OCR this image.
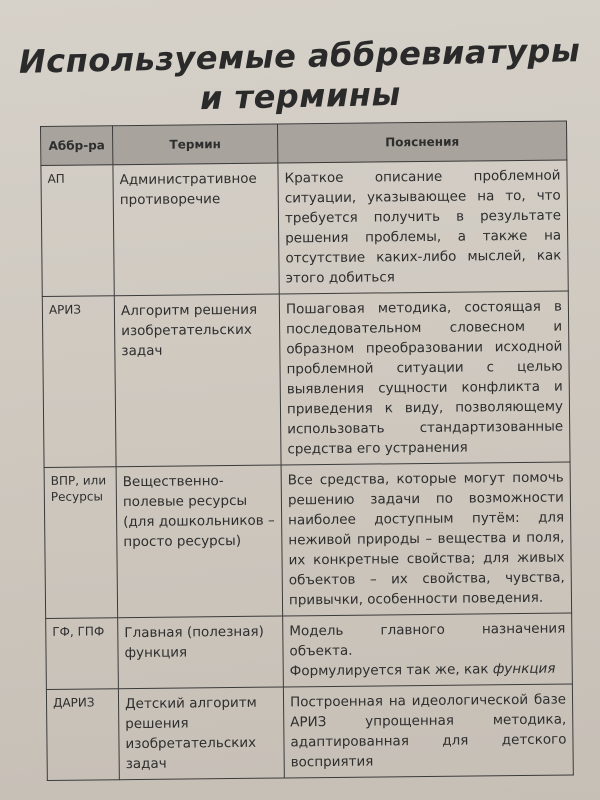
Используемые аббревиатуры
и термины
Аббр-ра	Термин	Пояснения
АП	Административное противоречие	Краткое описание проблемной ситуации, указывающее на то, что требуется получить в результате решения проблемы, а также на отсутствие каких-либо мыслей, как этого добиться
АРИЗ	Алгоритм решения изобретательских задач	Пошаговая методика, состоящая в последовательном словесном и образном преобразовании исходной проблемной ситуации с целью выявления сущности конфликта и приведения к виду, позволяющему использовать стандартизованные средства его устранения
ВПР, или Ресурсы	Вещественно-полевые ресурсы (для дошкольников – просто ресурсы)	Все средства, которые могут помочь решению задачи по возможности наиболее доступным путём: для неживой природы – вещества и поля, их конкретные свойства; для живых объектов – их свойства, чувства, привычки, особенности поведения.
ГФ, ГПФ	Главная (полезная) функция	Модель главного назначения объекта.
Формулируется так же, как функция

ДАРИЗ	Детский алгоритм решения изобретательских задач	Построенная на идеологической базе АРИЗ упрощенная методика, адаптированная для детского восприятия
